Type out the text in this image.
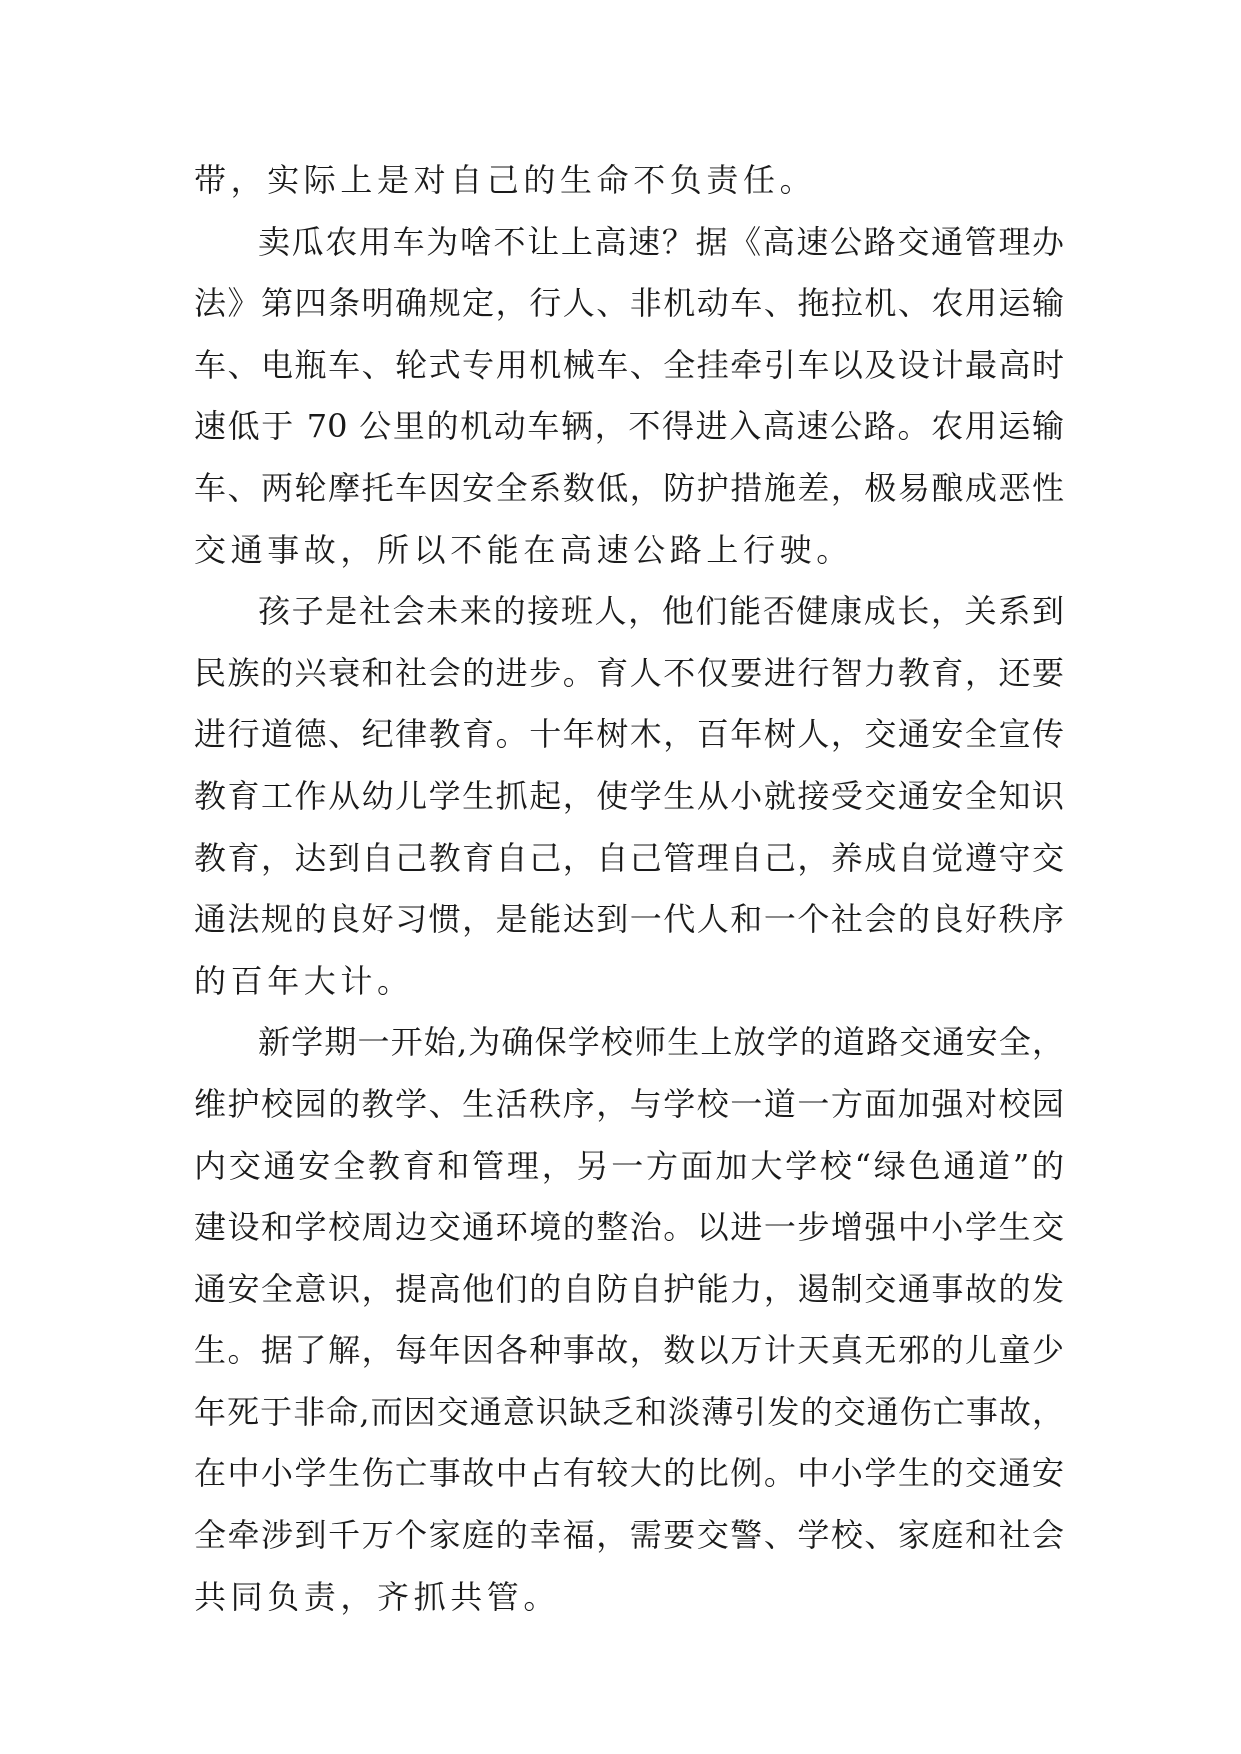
带，实际上是对自己的生命不负责任。
卖瓜农用车为啥不让上高速？据《高速公路交通管理办
法》第四条明确规定，行人、非机动车、拖拉机、农用运输
车、电瓶车、轮式专用机械车、全挂牵引车以及设计最高时
速低于 70 公里的机动车辆，不得进入高速公路。农用运输
车、两轮摩托车因安全系数低，防护措施差，极易酿成恶性
交通事故，所以不能在高速公路上行驶。
孩子是社会未来的接班人，他们能否健康成长，关系到
民族的兴衰和社会的进步。育人不仅要进行智力教育，还要
进行道德、纪律教育。十年树木，百年树人，交通安全宣传
教育工作从幼儿学生抓起，使学生从小就接受交通安全知识
教育，达到自己教育自己，自己管理自己，养成自觉遵守交
通法规的良好习惯，是能达到一代人和一个社会的良好秩序
的百年大计。
新学期一开始,为确保学校师生上放学的道路交通安全，
维护校园的教学、生活秩序，与学校一道一方面加强对校园
内交通安全教育和管理，另一方面加大学校“绿色通道”的
建设和学校周边交通环境的整治。以进一步增强中小学生交
通安全意识，提高他们的自防自护能力，遏制交通事故的发
生。据了解，每年因各种事故，数以万计天真无邪的儿童少
年死于非命,而因交通意识缺乏和淡薄引发的交通伤亡事故，
在中小学生伤亡事故中占有较大的比例。中小学生的交通安
全牵涉到千万个家庭的幸福，需要交警、学校、家庭和社会
共同负责，齐抓共管。
